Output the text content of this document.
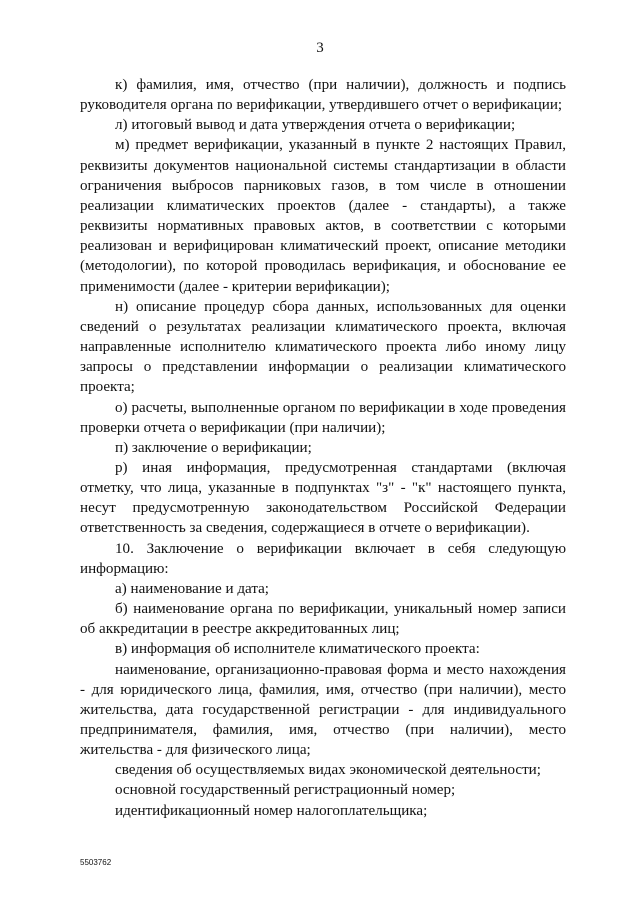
3

к) фамилия, имя, отчество (при наличии), должность и подпись руководителя органа по верификации, утвердившего отчет о верификации;

л) итоговый вывод и дата утверждения отчета о верификации;

м) предмет верификации, указанный в пункте 2 настоящих Правил, реквизиты документов национальной системы стандартизации в области ограничения выбросов парниковых газов, в том числе в отношении реализации климатических проектов (далее - стандарты), а также реквизиты нормативных правовых актов, в соответствии с которыми реализован и верифицирован климатический проект, описание методики (методологии), по которой проводилась верификация, и обоснование ее применимости (далее - критерии верификации);

н) описание процедур сбора данных, использованных для оценки сведений о результатах реализации климатического проекта, включая направленные исполнителю климатического проекта либо иному лицу запросы о представлении информации о реализации климатического проекта;

о) расчеты, выполненные органом по верификации в ходе проведения проверки отчета о верификации (при наличии);

п) заключение о верификации;

р) иная информация, предусмотренная стандартами (включая отметку, что лица, указанные в подпунктах "з" - "к" настоящего пункта, несут предусмотренную законодательством Российской Федерации ответственность за сведения, содержащиеся в отчете о верификации).

10. Заключение о верификации включает в себя следующую информацию:

а) наименование и дата;

б) наименование органа по верификации, уникальный номер записи об аккредитации в реестре аккредитованных лиц;

в) информация об исполнителе климатического проекта:

наименование, организационно-правовая форма и место нахождения - для юридического лица, фамилия, имя, отчество (при наличии), место жительства, дата государственной регистрации - для индивидуального предпринимателя, фамилия, имя, отчество (при наличии), место жительства - для физического лица;

сведения об осуществляемых видах экономической деятельности;

основной государственный регистрационный номер;

идентификационный номер налогоплательщика;

5503762
